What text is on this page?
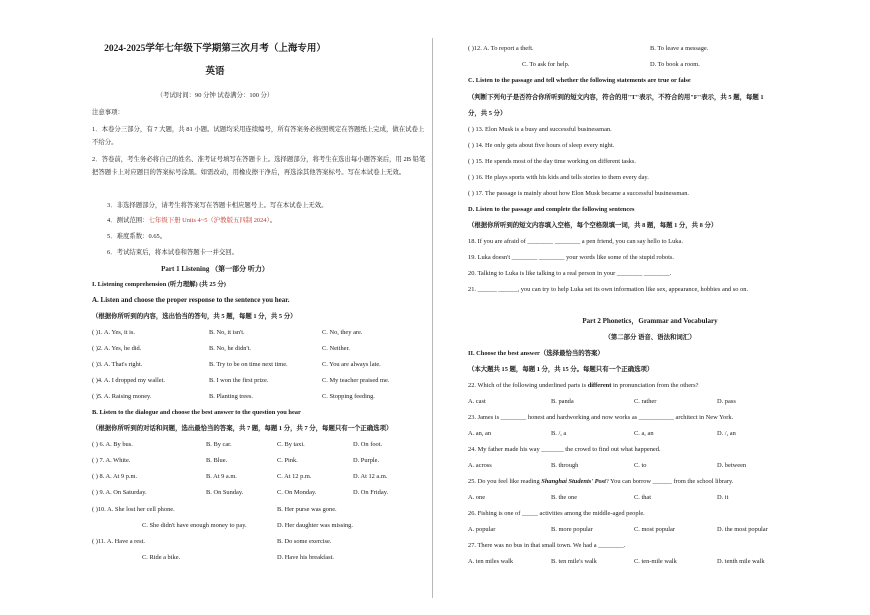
2024-2025学年七年级下学期第三次月考（上海专用）
英语
（考试时间：90 分钟 试卷满分：100 分）
注意事项：
1．本卷分三部分，有 7 大题，共 81 小题。试题均采用连续编号，所有答案务必按照规定在答题纸上完成，做在试卷上不给分。
2．答卷前，考生务必将自己的姓名、准考证号填写在答题卡上。选择题部分，将考生在选出每小题答案后，用 2B 铅笔把答题卡上对应题目的答案标号涂黑。如需改动，用橡皮擦干净后，再选涂其他答案标号。写在本试卷上无效。
3．非选择题部分，请考生将答案写在答题卡相应题号上。写在本试卷上无效。
4．测试范围：七年级下册 Units 4~5（沪教版五四制 2024）。
5．难度系数：0.65。
6．考试结束后，将本试卷和答题卡一并交回。
Part 1 Listening （第一部分 听力）
I. Listening comprehension (听力理解) (共 25 分)
A. Listen and choose the proper response to the sentence you hear.
（根据你所听到的内容，选出恰当的答句，共 5 题，每题 1 分，共 5 分）
( )1. A. Yes, it is.	B. No, it isn't.	C. No, they are.
( )2. A. Yes, he did.	B. No, he didn't.	C. Neither.
( )3. A. That's right.	B. Try to be on time next time.	C. You are always late.
( )4. A. I dropped my wallet.	B. I won the first prize.	C. My teacher praised me.
( )5. A. Raising money.	B. Planting trees.	C. Stopping feeding.
B. Listen to the dialogue and choose the best answer to the question you hear
（根据你所听到的对话和问题，选出最恰当的答案，共 7 题，每题 1 分，共 7 分，每题只有一个正确选项）
( ) 6. A. By bus.	B. By car.	C. By taxi.	D. On foot.
( ) 7. A. White.	B. Blue.	C. Pink.	D. Purple.
( ) 8. A. At 9 p.m.	B. At 9 a.m.	C. At 12 p.m.	D. At 12 a.m.
( ) 9. A. On Saturday.	B. On Sunday.	C. On Monday.	D. On Friday.
( )10. A. She lost her cell phone.	B. Her purse was gone.
C. She didn't have enough money to pay.	D. Her daughter was missing.
( )11. A. Have a rest.	B. Do some exercise.
C. Ride a bike.	D. Have his breakfast.
( )12. A. To report a theft.	B. To leave a message.
C. To ask for help.	D. To book a room.
C. Listen to the passage and tell whether the following statements are true or false
（判断下列句子是否符合你所听到的短文内容，符合的用"T"表示，不符合的用"F"表示，共 5 题，每题 1
分，共 5 分）
( ) 13. Elon Musk is a busy and successful businessman.
( ) 14. He only gets about five hours of sleep every night.
( ) 15. He spends most of the day time working on different tasks.
( ) 16. He plays sports with his kids and tells stories to them every day.
( ) 17. The passage is mainly about how Elon Musk became a successful businessman.
D. Listen to the passage and complete the following sentences
（根据你所听到的短文内容填入空格，每个空格限填一词，共 8 题，每题 1 分，共 8 分）
18. If you are afraid of ________ ________ a pen friend, you can say hello to Luka.
19. Luka doesn't ________ ________ your words like some of the stupid robots.
20. Talking to Luka is like talking to a real person in your ________ ________.
21. ______ ______, you can try to help Luka set its own information like sex, appearance, hobbies and so on.
Part 2 Phonetics，Grammar and Vocabulary
（第二部分 语音、语法和词汇）
II. Choose the best answer（选择最恰当的答案）
（本大题共 15 题，每题 1 分，共 15 分。每题只有一个正确选项）
22. Which of the following underlined parts is different in pronunciation from the others?
A. cast	B. panda	C. rather	D. pass
23. James is ________ honest and hardworking and now works as ___________ architect in New York.
A. an, an	B. /, a	C. a, an	D. /, an
24. My father made his way _______ the crowd to find out what happened.
A. across	B. through	C. to	D. between
25. Do you feel like reading Shanghai Students' Post? You can borrow ______ from the school library.
A. one	B. the one	C. that	D. it
26. Fishing is one of _____ activities among the middle-aged people.
A. popular	B. more popular	C. most popular	D. the most popular
27. There was no bus in that small town. We had a ________.
A. ten miles walk	B. ten mile's walk	C. ten-mile walk	D. tenth mile walk
